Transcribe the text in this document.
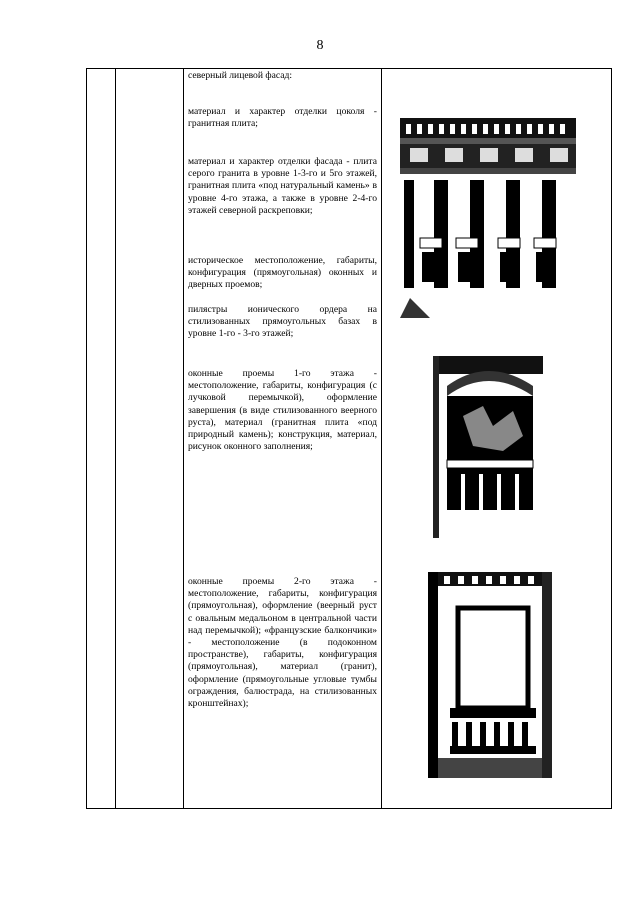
8

северный лицевой фасад:
материал и характер отделки цоколя - гранитная плита;
материал и характер отделки фасада - плита серого гранита в уровне 1-3-го и 5го этажей, гранитная плита «под натуральный камень» в уровне 4-го этажа, а также в уровне 2-4-го этажей северной раскреповки;
историческое местоположение, габариты, конфигурация (прямоугольная) оконных и дверных проемов;
пилястры ионического ордера на стилизованных прямоугольных базах в уровне 1-го - 3-го этажей;
оконные проемы 1-го этажа - местоположение, габариты, конфигурация (с лучковой перемычкой), оформление завершения (в виде стилизованного веерного руста), материал (гранитная плита «под природный камень); конструкция, материал, рисунок оконного заполнения;
оконные проемы 2-го этажа - местоположение, габариты, конфигурация (прямоугольная), оформление (веерный руст с овальным медальоном в центральной части над перемычкой); «французские балкончики» - местоположение (в подоконном пространстве), габариты, конфигурация (прямоугольная), материал (гранит), оформление (прямоугольные угловые тумбы ограждения, балюстрада, на стилизованных кронштейнах);
